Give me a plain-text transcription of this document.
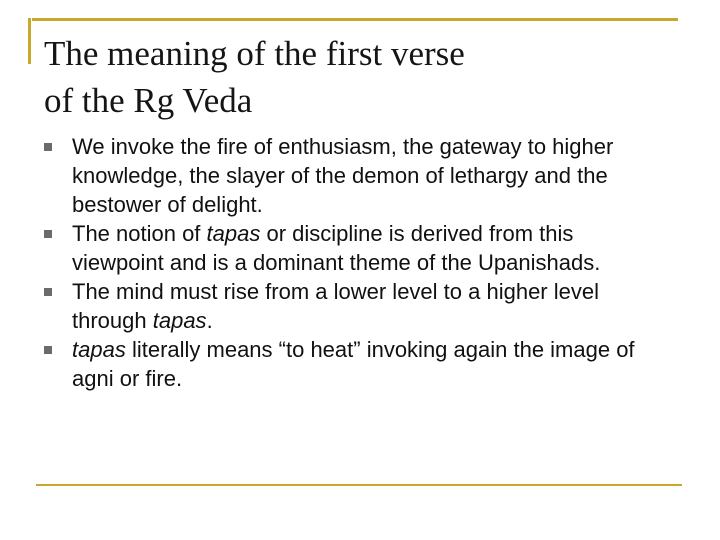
The meaning of the first verse
of the Rg Veda
We invoke the fire of enthusiasm, the gateway to higher knowledge, the slayer of the demon of lethargy and the bestower of delight.
The notion of tapas or discipline is derived from this viewpoint and is a dominant theme of the Upanishads.
The mind must rise from a lower level to a higher level through tapas.
tapas literally means “to heat” invoking again the image of agni or fire.
